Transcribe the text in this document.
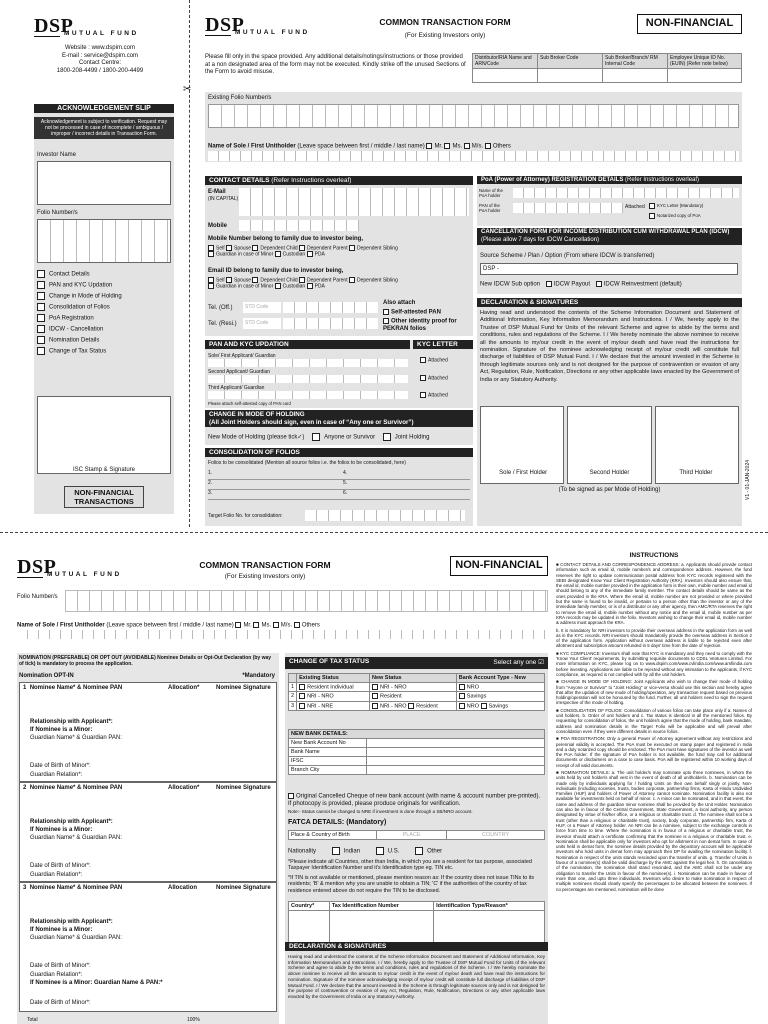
DSP
MUTUAL FUND
Website : www.dspim.com
E-mail : service@dspim.com
Contact Centre:
1800-208-4499 / 1800-200-4499
ACKNOWLEDGEMENT SLIP
Acknowledgement is subject to verification. Request may not be processed in case of incomplete / ambiguous / improper / incorrect details in Transaction Form.
Investor Name
Folio Number/s
Contact Details
PAN and KYC Updation
Change in Mode of Holding
Consolidation of Folios
PoA Registration
IDCW - Cancellation
Nomination Details
Change of Tax Status
ISC Stamp & Signature
NON-FINANCIAL TRANSACTIONS
✂
DSP
MUTUAL FUND
COMMON TRANSACTION FORM
(For Existing Investors only)
NON-FINANCIAL
Please fill only in the space provided. Any additional details/notings/instructions or those provided at a non designated area of the form may not be executed. Kindly strike off the unused Sections of the Form to avoid misuse.
Distributor/RIA Name and ARN/Code	Sub Broker Code	Sub Broker/Branch/ RM Internal Code	Employee Unique ID No. (EUIN) (Refer note below)

Existing Folio Number/s
Name of Sole / First Unitholder (Leave space between first / middle / last name) Mr. Ms. M/s. Others
CONTACT DETAILS (Refer Instructions overleaf)
E-Mail
(IN CAPITAL)
Mobile
Mobile Number belong to family due to investor being,
Self Spouse Dependent Child Dependent Parent Dependent Sibling
Guardian in case of Minor Custodian PDA
Email ID belong to family due to investor being,
Self Spouse Dependent Child Dependent Parent Dependent Sibling
Guardian in case of Minor Custodian PDA
Tel. (Off.)	STD Code
Tel. (Resi.)	STD Code
Also attach
Self-attested PAN
Other identity proof for PEKRAN folios
PAN AND KYC UPDATION	KYC LETTER
Sole/ First Applicant/ Guardian
Second Applicant/ Guardian
Third Applicant/ Guardian
Attached
Attached
Attached
Please attach self-attested copy of PAN card
CHANGE IN MODE OF HOLDING
(All Joint Holders should sign, even in case of “Any one or Survivor”)
New Mode of Holding (please tick✓)	Anyone or Survivor	Joint Holding
CONSOLIDATION OF FOLIOS
Folios to be consolidated (Mention all source folios i.e. the folios to be consolidated, here)
1.	4.
2.	5.
3.	6.
Target Folio No. for consolidation:
PoA (Power of Attorney) REGISTRATION DETAILS (Refer Instructions overleaf)
Name of the PoA holder
PAN of the PoA holder
Attached	KYC Letter (Mandatory)
Notarized copy of PoA
CANCELLATION FORM FOR INCOME DISTRIBUTION CUM WITHDRAWAL PLAN (IDCW) (Please allow 7 days for IDCW Cancellation)
Source Scheme / Plan / Option (From where IDCW is transferred)
DSP -
New IDCW Sub option IDCW Payout IDCW Reinvestment (default)
DECLARATION & SIGNATURES
Having read and understood the contents of the Scheme Information Document and Statement of Additional Information, Key Information Memorandum and Instructions. I / We, hereby apply to the Trustee of DSP Mutual Fund for Units of the relevant Scheme and agree to abide by the terms and conditions, rules and regulations of the Scheme. I / We hereby nominate the above nominee to receive all the amounts to my/our credit in the event of my/our death and have read the instructions for nomination. Signature of the nominee acknowledging receipt of my/our credit will constitute full discharge of liabilities of DSP Mutual Fund. I / We declare that the amount invested in the Scheme is through legitimate sources only and is not designed for the purpose of contravention or evasion of any Act, Regulation, Rule, Notification, Directions or any other applicable laws enacted by the Government of India or any Statutory Authority.
Sole / First Holder	Second Holder	Third Holder
(To be signed as per Mode of Holding)	V1 - 01-JAN-2024
DSP
MUTUAL FUND
COMMON TRANSACTION FORM
(For Existing Investors only)
NON-FINANCIAL
Folio Number/s
Name of Sole / First Unitholder (Leave space between first / middle / last name) Mr. Ms. M/s. Others
NOMINATION (PREFERABLE) OR OPT OUT (AVOIDABLE) Nominee Details or Opt-Out Declaration (by way of tick) is mandatory to process the application.
Nomination OPT-IN	*Mandatory
1 Nominee Name* & Nominee PAN	Allocation*	Nominee Signature
Relationship with Applicant*:
If Nominee is a Minor:
Guardian Name* & Guardian PAN:
Date of Birth of Minor*:
Guardian Relation*:
2 Nominee Name* & Nominee PAN	Allocation*	Nominee Signature
Relationship with Applicant*:
If Nominee is a Minor:
Guardian Name* & Guardian PAN:
Date of Birth of Minor*:
Guardian Relation*:
3 Nominee Name* & Nominee PAN	Allocation	Nominee Signature
Relationship with Applicant*:
If Nominee is a Minor:
Guardian Name* & Guardian PAN:
Date of Birth of Minor*:
Guardian Relation*:
If Nominee is a Minor: Guardian Name & PAN:*
Date of Birth of Minor*:
Total	100%
CHANGE OF TAX STATUS	Select any one ☑
	Existing Status	New Status	Bank Account Type - New
1	Resident Individual	NRI - NRO	NRO
2	NRI - NRO	Resident	Savings
3	NRI - NRE	NRI - NRO Resident	NRO Savings
NEW BANK DETAILS:	
New Bank Account No	
Bank Name	
IFSC	
Branch City	
Original Cancelled Cheque of new bank account (with name & account number pre-printed). If photocopy is provided, please produce originals for verification.
Note:- Status cannot be changed to NRE if investment is done through a SB/NRO account.
FATCA DETAILS: (Mandatory)
Place & Country of Birth	PLACE	COUNTRY
Nationality	Indian	U.S.	Other
*Please indicate all Countries, other than India, in which you are a resident for tax purpose, associated Taxpayer Identification Number and it's Identification type eg. TIN etc.
*If TIN is not available or mentioned, please mention reason as: If the country does not issue TINs to its residents; 'B' & mention why you are unable to obtain a TIN; 'C' if the authorities of the country of tax residence entered above do not require the TIN to be disclosed.
Country*	Tax Identification Number	Identification Type/Reason*

DECLARATION & SIGNATURES
Having read and understood the contents of the Scheme Information Document and Statement of Additional Information, Key Information Memorandum and Instructions. I / We, hereby apply to the Trustee of DSP Mutual Fund for Units of the relevant Scheme and agree to abide by the terms and conditions, rules and regulations of the Scheme. I / We hereby nominate the above nominee to receive all the amounts to my/our credit in the event of my/our death and have read the instructions for nomination. Signature of the nominee acknowledging receipt of my/our credit will constitute full discharge of liabilities of DSP Mutual Fund. I / We declare that the amount invested in the Scheme is through legitimate sources only and is not designed for the purpose of contravention or evasion of any Act, Regulation, Rule, Notification, Directions or any other applicable laws enacted by the Government of India or any Statutory Authority.
INSTRUCTIONS
■ CONTACT DETAILS AND CORRESPONDENCE ADDRESS: a. Applicants should provide contact information such as email id, mobile number/s and correspondence address. However, the fund reserves the right to update communication postal address from KYC records registered with the SEBI designated Know Your Client Registration Authority (KRA). Investors should also ensure that, the email id, mobile number provided in the application form is their own, mobile number and email id should belong to any of the immediate family member. The contact details should be same as the ones provided in the KRA. Where the email id, mobile number are not provided or where provided but the same is found to be invalid, or pertains to a person other than the investor or any of the immediate family member, or is of a distributor or any other agency, then AMC/RTA reserves the right to remove the email id, mobile number without any notice and the email id, mobile number as per KRA records may be updated in the folio. Investors wishing to change their email id, mobile number & address must approach the KRA.
b. It is mandatory for NRI investors to provide their overseas address in the application form as well as in the KYC records. NRI investors should mandatorily provide the overseas address in Section 2 of the application form. Application without overseas address is liable to be rejected even after allotment and subscription amount refunded in 5 days' time from the date of rejection.
■ KYC COMPLIANCE: Investors shall note that KYC is mandatory and they need to comply with the 'Know Your Client' requirements, by submitting requisite documents to CDSL Ventures Limited. For more information on KYC, please log on to www.dspim.com/www.cvlindia.com/www.amfiindia.com before investing. Applications are liable to be rejected without any intimation to the applicants, if KYC compliance, as required is not complied with by all the unit holders.
■ CHANGE IN MODE OF HOLDING: Joint Applicants who wish to change their mode of holding from "Anyone or Survivor" to "Joint Holding" or vice-versa should use this section and hereby agree that after the updation of new mode of holding/operation, any transaction request based on previous holding/operation will not be honoured by the fund. Further, all unit holders need to sign the request irrespective of the mode of holding.
■ CONSOLIDATION OF FOLIOS: Consolidation of various folios can take place only if a. Names of unit holders, b. Order of unit holders and c. Tax status is identical in all the mentioned folios. By requesting for consolidation of folios, the unit holder/s agree that the mode of holding, bank mandate, address and nomination details in the Target Folio will be applicable and will prevail after consolidation even if they were different details in source folios.
■ POA REGISTRATION: Only a general Power of Attorney agreement without any restrictions and perennial validity is accepted. The PoA must be executed on stamp paper and registered in India and a duly notarized copy should be enclosed. The PoA must have signatures of the investor as well the PoA holder. If the signature of PoA holder is not available, the fund may call for additional documents or disclaimers on a case to case basis. PoA will be registered within 10 working days of receipt of all valid documents.
■ NOMINATION DETAILS: a. The unit holder/s may nominate upto three nominees, in whom the units held by unit holder/s shall vest in the event of death of all unitholder/s. b. Nomination can be made only by individuals applying for / holding Units on their own behalf singly or jointly. Non-individuals (including societies, trusts, bodies corporate, partnership firms, Karta of Hindu Undivided Families (HUF) and holders of Power of Attorney cannot nominate. Nomination facility is also not available for investments held on behalf of minor. c. A minor can be nominated, and in that event, the name and address of the guardian minor nominee shall be provided by the Unit Holder. Nomination can also be in favour of the Central Government, State Government, a local authority, any person designated by virtue of his/her office, or a religious or charitable trust. d. The nominee shall not be a trust (other than a religious or charitable trust), society, body corporate, partnership firm, Karta of HUF, or a Power of Attorney holder. An NRI can be a nominee, subject to the exchange controls in force from time to time. Where the nomination is in favour of a religious or charitable trust, the investor should attach a certificate confirming that the nominee is a religious or charitable trust. e. Nomination shall be applicable only for investors who opt for allotment in non demat form. In case of units held in demat form, the nominee details provided by the depository account will be applicable investors who hold units in demat form may approach their DP for availing the nomination facility. f. Nomination in respect of the units stands rescinded upon the transfer of units. g. Transfer of Units in favour of a nominee(s) shall be valid discharge by the AMC against the legal heir. h. On cancellation of the nomination, the nomination shall stand rescinded, and the AMC shall not be under any obligation to transfer the Units in favour of the nominee(s). i. Nomination can be made in favour of more than one, and upto three individuals. Investors who desire to make nomination in respect of multiple nominees should clearly specify the percentages to be allocated between the nominees. If no percentages are mentioned, nomination will be done
